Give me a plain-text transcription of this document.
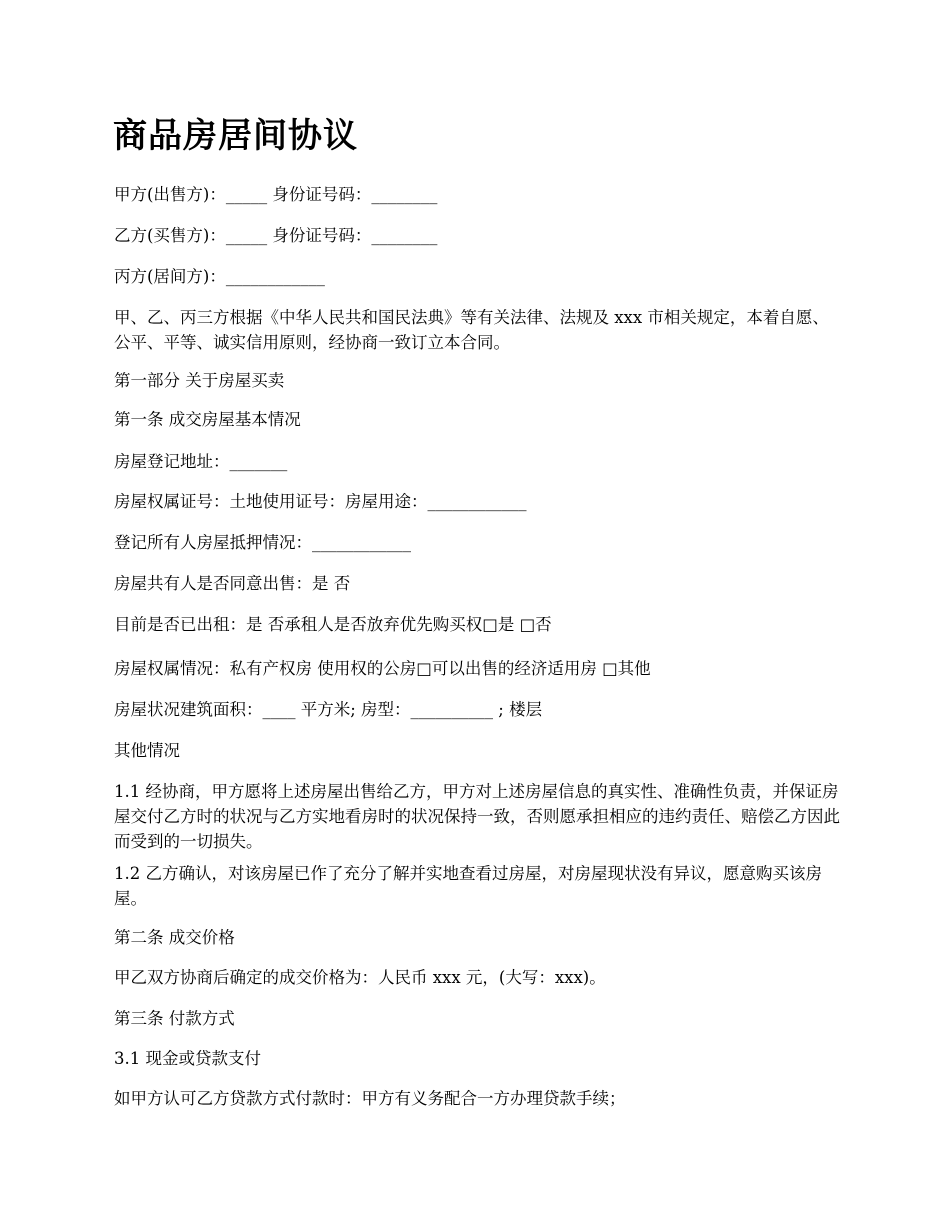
商品房居间协议

甲方(出售方)：_____ 身份证号码：________

乙方(买售方)：_____ 身份证号码：________

丙方(居间方)：____________

甲、乙、丙三方根据《中华人民共和国民法典》等有关法律、法规及 xxx 市相关规定，本着自愿、公平、平等、诚实信用原则，经协商一致订立本合同。

第一部分 关于房屋买卖

第一条 成交房屋基本情况

房屋登记地址：_______

房屋权属证号：土地使用证号：房屋用途：____________

登记所有人房屋抵押情况：____________

房屋共有人是否同意出售：是 否

目前是否已出租：是 否承租人是否放弃优先购买权□是 □否

房屋权属情况：私有产权房 使用权的公房□可以出售的经济适用房 □其他

房屋状况建筑面积：____ 平方米; 房型：__________ ; 楼层

其他情况

1.1 经协商，甲方愿将上述房屋出售给乙方，甲方对上述房屋信息的真实性、准确性负责，并保证房屋交付乙方时的状况与乙方实地看房时的状况保持一致，否则愿承担相应的违约责任、赔偿乙方因此而受到的一切损失。

1.2 乙方确认，对该房屋已作了充分了解并实地查看过房屋，对房屋现状没有异议，愿意购买该房屋。

第二条 成交价格

甲乙双方协商后确定的成交价格为：人民币 xxx 元，(大写：xxx)。

第三条 付款方式

3.1 现金或贷款支付

如甲方认可乙方贷款方式付款时：甲方有义务配合一方办理贷款手续；
